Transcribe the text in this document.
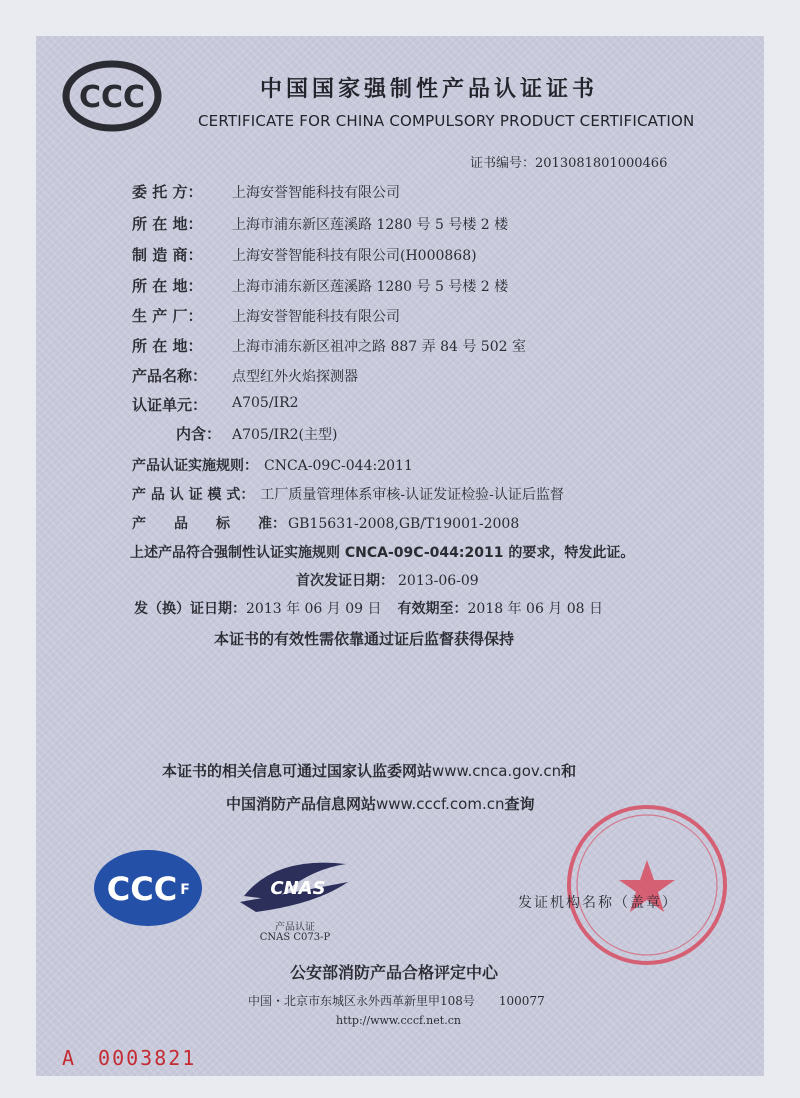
CCC	中国国家强制性产品认证证书
CERTIFICATE FOR CHINA COMPULSORY PRODUCT CERTIFICATION
证书编号：2013081801000466
委 托 方： 上海安誉智能科技有限公司
所 在 地： 上海市浦东新区莲溪路 1280 号 5 号楼 2 楼
制 造 商： 上海安誉智能科技有限公司(H000868)
所 在 地： 上海市浦东新区莲溪路 1280 号 5 号楼 2 楼
生 产 厂： 上海安誉智能科技有限公司
所 在 地： 上海市浦东新区祖冲之路 887 弄 84 号 502 室
产品名称： 点型红外火焰探测器
认证单元： A705/IR2
内含： A705/IR2(主型)
产品认证实施规则： CNCA-09C-044:2011
产 品 认 证 模 式： 工厂质量管理体系审核-认证发证检验-认证后监督
产　　品　　标　　准： GB15631-2008,GB/T19001-2008
上述产品符合强制性认证实施规则 CNCA-09C-044:2011 的要求，特发此证。
首次发证日期： 2013-06-09
发（换）证日期：2013 年 06 月 09 日 有效期至：2018 年 06 月 08 日
本证书的有效性需依靠通过证后监督获得保持
本证书的相关信息可通过国家认监委网站www.cnca.gov.cn和
中国消防产品信息网站www.cccf.com.cn查询
CCC F	CNAS
产品认证
CNAS C073-P
发证机构名称（盖章）
公安部消防产品合格评定中心
中国・北京市东城区永外西革新里甲108号　　100077
http://www.cccf.net.cn
A　0003821
